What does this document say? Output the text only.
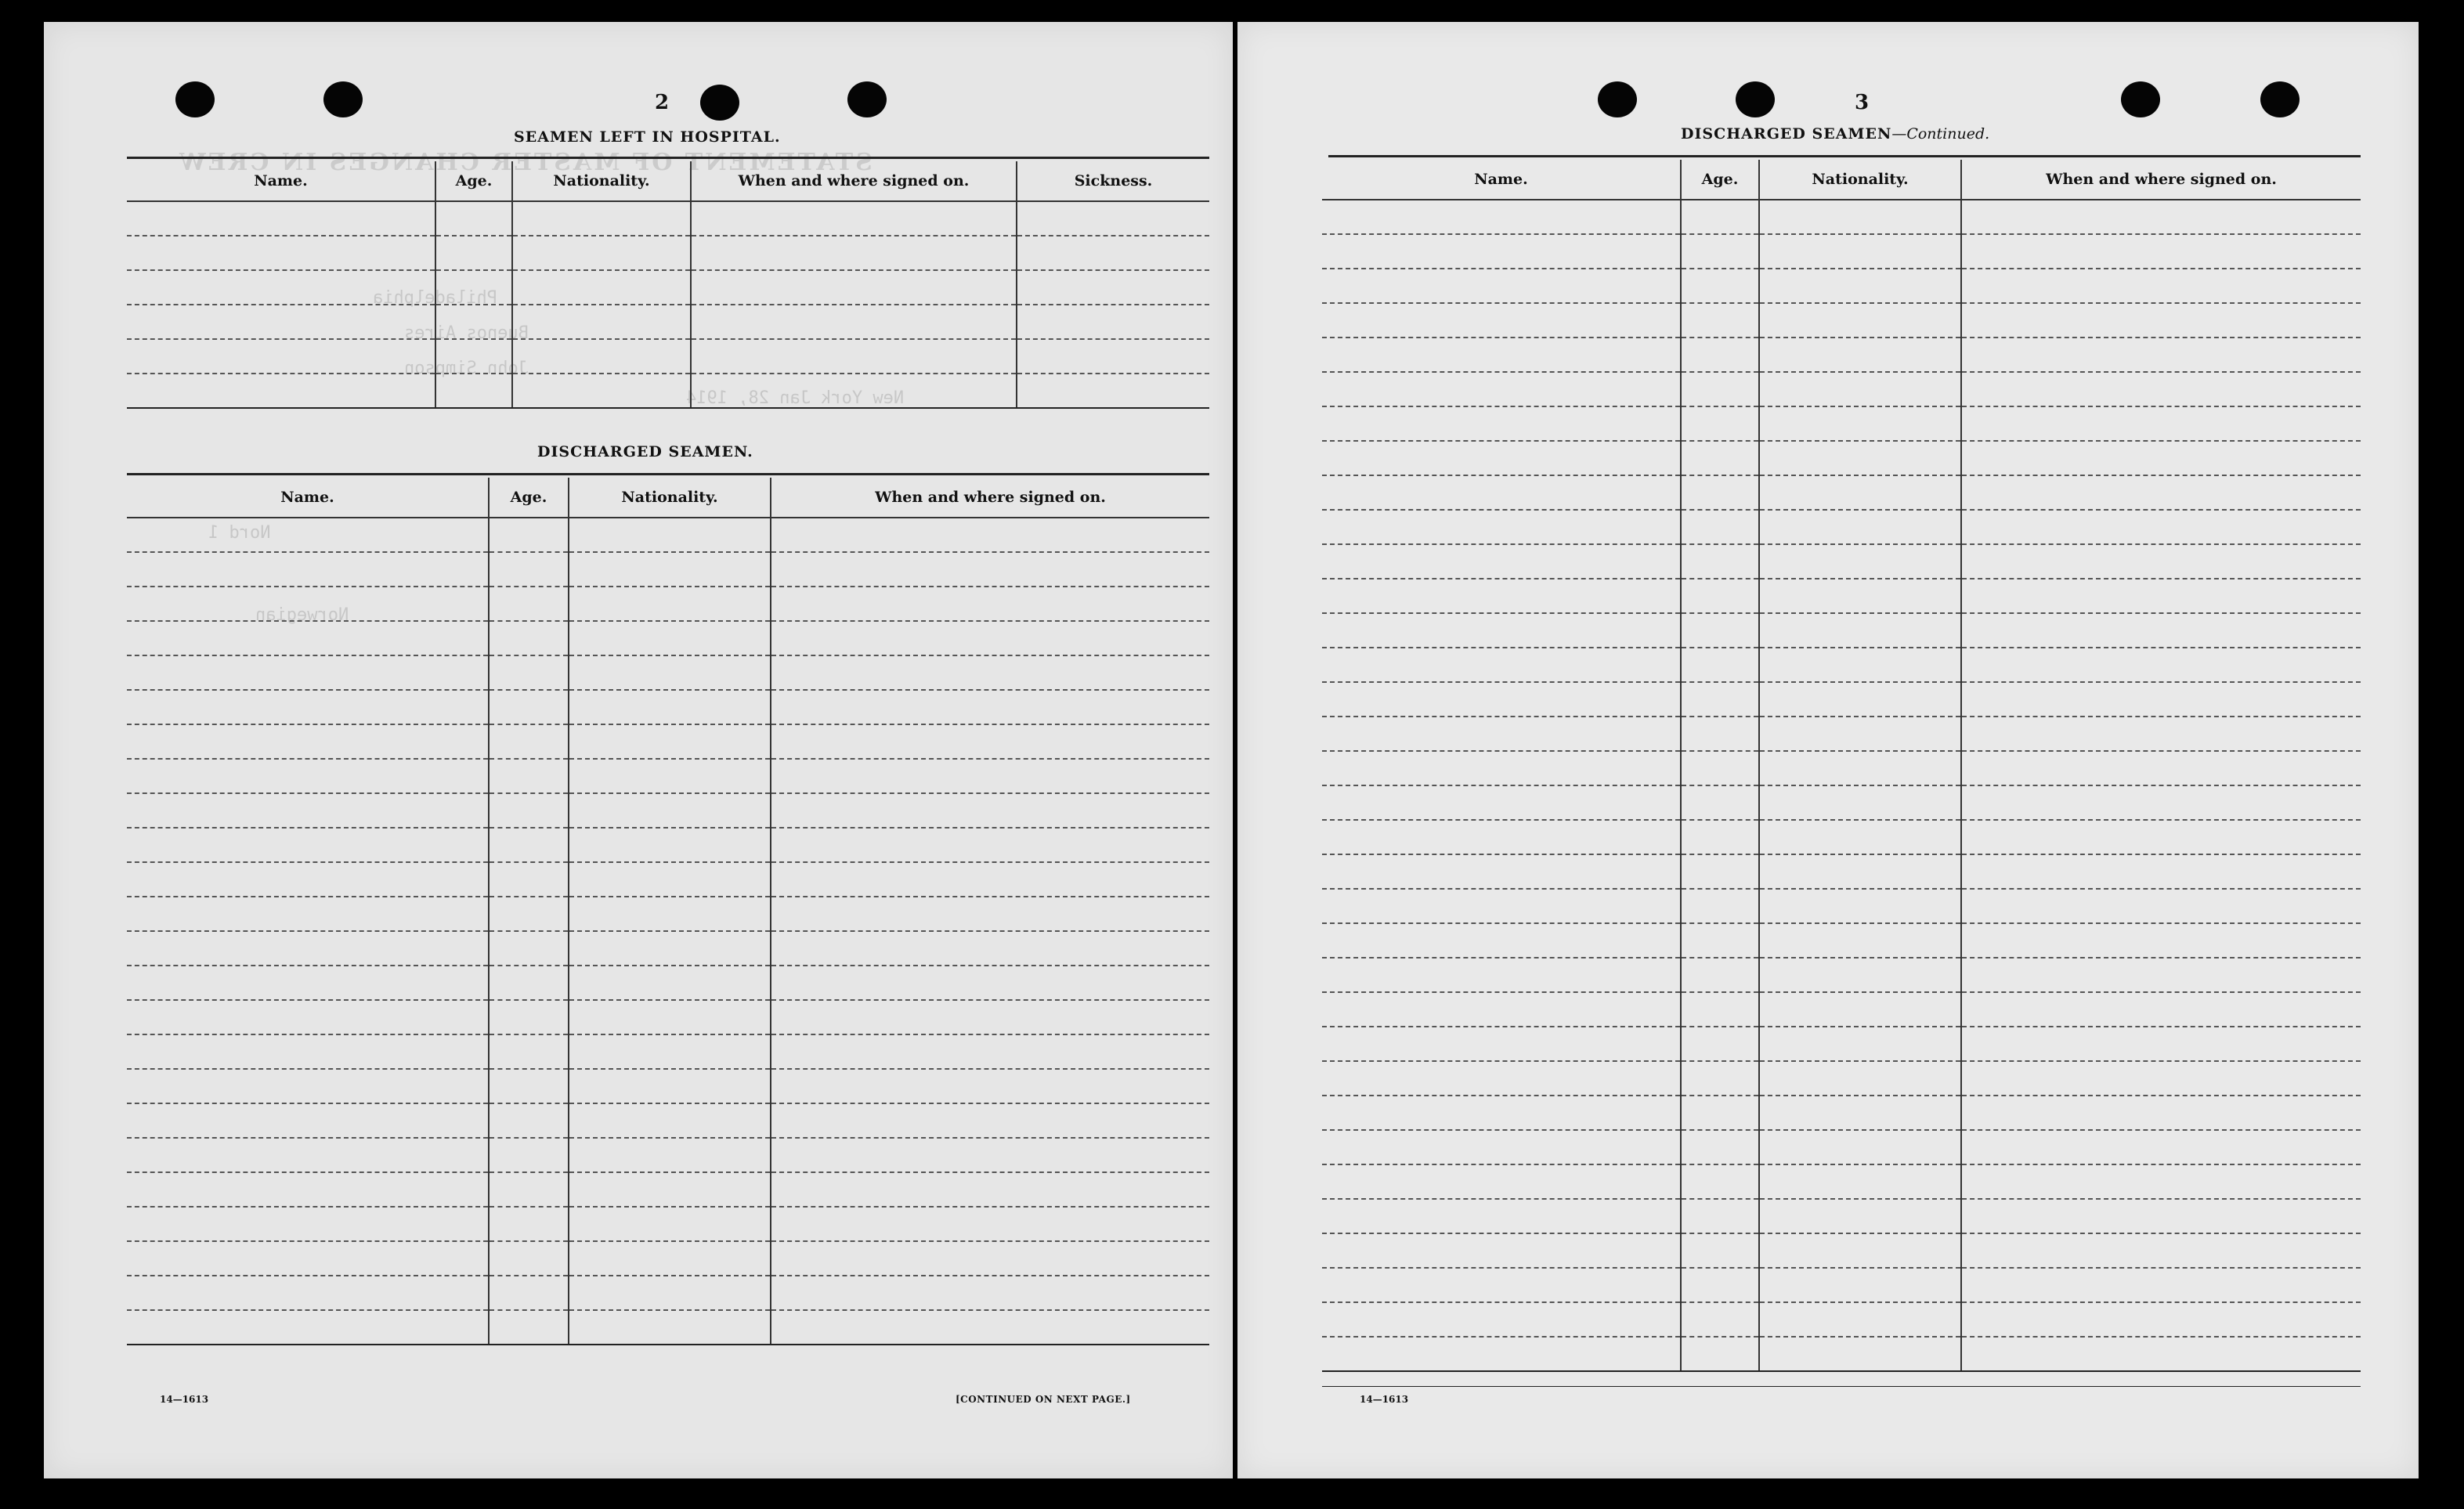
STATEMENT OF MASTER CHANGES IN CREW
Philadelphia
Buenos Aires
John Simpson
New York Jan 28, 1914
Nord 1
Norwegian
2
SEAMEN LEFT IN HOSPITAL.
Name.	Age.	Nationality.	When and where signed on.	Sickness.

DISCHARGED SEAMEN.
Name.	Age.	Nationality.	When and where signed on.

14—1613	[CONTINUED ON NEXT PAGE.]
3
DISCHARGED SEAMEN—Continued.
Name.	Age.	Nationality.	When and where signed on.

14—1613
